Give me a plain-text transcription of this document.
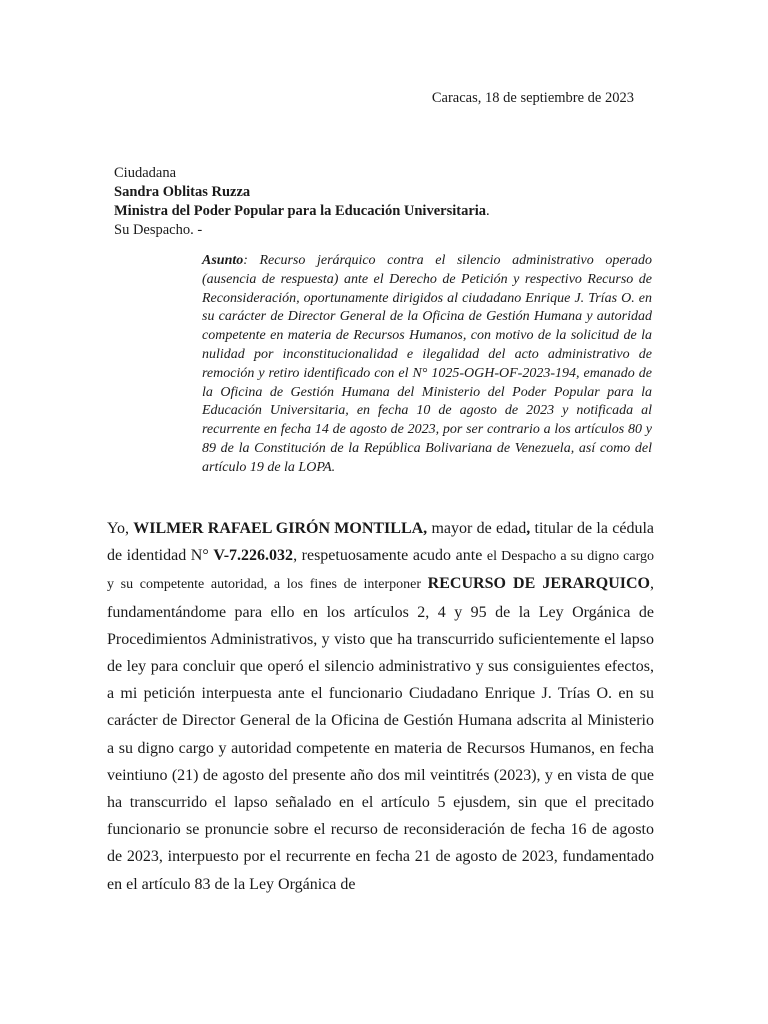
Caracas, 18 de septiembre de 2023
Ciudadana
Sandra Oblitas Ruzza
Ministra del Poder Popular para la Educación Universitaria.
Su Despacho. -
Asunto: Recurso jerárquico contra el silencio administrativo operado (ausencia de respuesta) ante el Derecho de Petición y respectivo Recurso de Reconsideración, oportunamente dirigidos al ciudadano Enrique J. Trías O. en su carácter de Director General de la Oficina de Gestión Humana y autoridad competente en materia de Recursos Humanos, con motivo de la solicitud de la nulidad por inconstitucionalidad e ilegalidad del acto administrativo de remoción y retiro identificado con el N° 1025-OGH-OF-2023-194, emanado de la Oficina de Gestión Humana del Ministerio del Poder Popular para la Educación Universitaria, en fecha 10 de agosto de 2023 y notificada al recurrente en fecha 14 de agosto de 2023, por ser contrario a los artículos 80 y 89 de la Constitución de la República Bolivariana de Venezuela, así como del artículo 19 de la LOPA.

Yo, WILMER RAFAEL GIRÓN MONTILLA, mayor de edad, titular de la cédula de identidad N° V-7.226.032, respetuosamente acudo ante el Despacho a su digno cargo y su competente autoridad, a los fines de interponer RECURSO DE JERARQUICO, fundamentándome para ello en los artículos 2, 4 y 95 de la Ley Orgánica de Procedimientos Administrativos, y visto que ha transcurrido suficientemente el lapso de ley para concluir que operó el silencio administrativo y sus consiguientes efectos, a mi petición interpuesta ante el funcionario Ciudadano Enrique J. Trías O. en su carácter de Director General de la Oficina de Gestión Humana adscrita al Ministerio a su digno cargo y autoridad competente en materia de Recursos Humanos, en fecha veintiuno (21) de agosto del presente año dos mil veintitrés (2023), y en vista de que ha transcurrido el lapso señalado en el artículo 5 ejusdem, sin que el precitado funcionario se pronuncie sobre el recurso de reconsideración de fecha 16 de agosto de 2023, interpuesto por el recurrente en fecha 21 de agosto de 2023, fundamentado en el artículo 83 de la Ley Orgánica de
